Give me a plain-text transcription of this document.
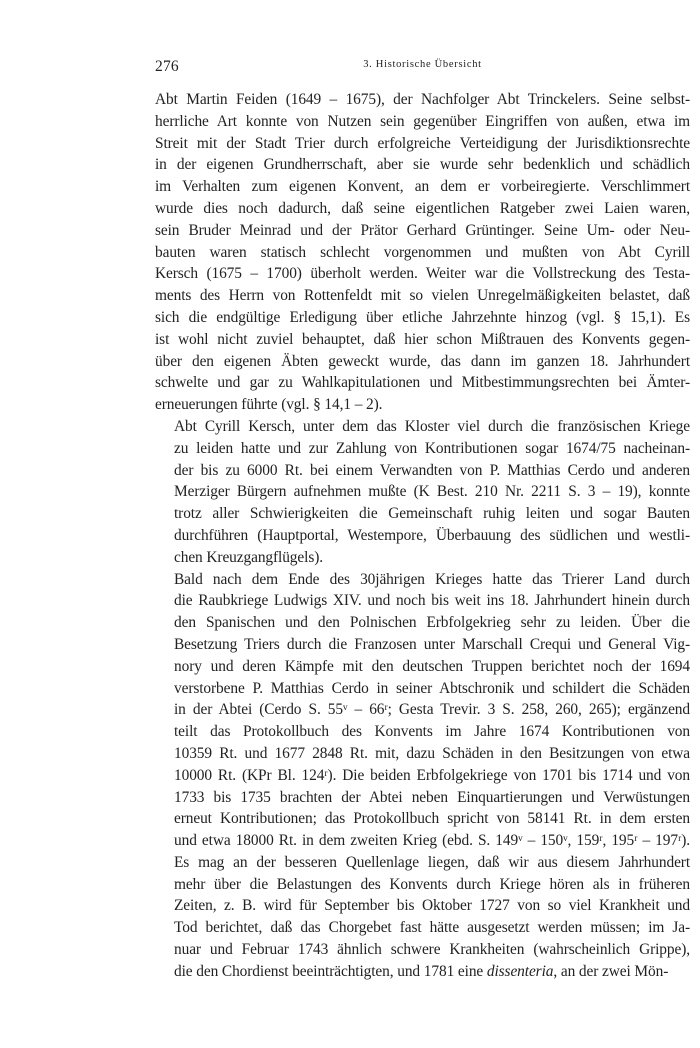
276	3. Historische Übersicht

Abt Martin Feiden (1649 – 1675), der Nachfolger Abt Trinckelers. Seine selbst-
herrliche Art konnte von Nutzen sein gegenüber Eingriffen von außen, etwa im
Streit mit der Stadt Trier durch erfolgreiche Verteidigung der Jurisdiktionsrechte
in der eigenen Grundherrschaft, aber sie wurde sehr bedenklich und schädlich
im Verhalten zum eigenen Konvent, an dem er vorbeiregierte. Verschlimmert
wurde dies noch dadurch, daß seine eigentlichen Ratgeber zwei Laien waren,
sein Bruder Meinrad und der Prätor Gerhard Grüntinger. Seine Um- oder Neu-
bauten waren statisch schlecht vorgenommen und mußten von Abt Cyrill
Kersch (1675 – 1700) überholt werden. Weiter war die Vollstreckung des Testa-
ments des Herrn von Rottenfeldt mit so vielen Unregelmäßigkeiten belastet, daß
sich die endgültige Erledigung über etliche Jahrzehnte hinzog (vgl. § 15,1). Es
ist wohl nicht zuviel behauptet, daß hier schon Mißtrauen des Konvents gegen-
über den eigenen Äbten geweckt wurde, das dann im ganzen 18. Jahrhundert
schwelte und gar zu Wahlkapitulationen und Mitbestimmungsrechten bei Ämter-
erneuerungen führte (vgl. § 14,1 – 2).

Abt Cyrill Kersch, unter dem das Kloster viel durch die französischen Kriege
zu leiden hatte und zur Zahlung von Kontributionen sogar 1674/75 nacheinan-
der bis zu 6000 Rt. bei einem Verwandten von P. Matthias Cerdo und anderen
Merziger Bürgern aufnehmen mußte (K Best. 210 Nr. 2211 S. 3 – 19), konnte
trotz aller Schwierigkeiten die Gemeinschaft ruhig leiten und sogar Bauten
durchführen (Hauptportal, Westempore, Überbauung des südlichen und westli-
chen Kreuzgangflügels).

Bald nach dem Ende des 30jährigen Krieges hatte das Trierer Land durch
die Raubkriege Ludwigs XIV. und noch bis weit ins 18. Jahrhundert hinein durch
den Spanischen und den Polnischen Erbfolgekrieg sehr zu leiden. Über die
Besetzung Triers durch die Franzosen unter Marschall Crequi und General Vig-
nory und deren Kämpfe mit den deutschen Truppen berichtet noch der 1694
verstorbene P. Matthias Cerdo in seiner Abtschronik und schildert die Schäden
in der Abtei (Cerdo S. 55ᵛ – 66ʳ; Gesta Trevir. 3 S. 258, 260, 265); ergänzend
teilt das Protokollbuch des Konvents im Jahre 1674 Kontributionen von
10359 Rt. und 1677 2848 Rt. mit, dazu Schäden in den Besitzungen von etwa
10000 Rt. (KPr Bl. 124ʳ). Die beiden Erbfolgekriege von 1701 bis 1714 und von
1733 bis 1735 brachten der Abtei neben Einquartierungen und Verwüstungen
erneut Kontributionen; das Protokollbuch spricht von 58141 Rt. in dem ersten
und etwa 18000 Rt. in dem zweiten Krieg (ebd. S. 149ᵛ – 150ᵛ, 159ʳ, 195ʳ – 197ʳ).
Es mag an der besseren Quellenlage liegen, daß wir aus diesem Jahrhundert
mehr über die Belastungen des Konvents durch Kriege hören als in früheren
Zeiten, z. B. wird für September bis Oktober 1727 von so viel Krankheit und
Tod berichtet, daß das Chorgebet fast hätte ausgesetzt werden müssen; im Ja-
nuar und Februar 1743 ähnlich schwere Krankheiten (wahrscheinlich Grippe),
die den Chordienst beeinträchtigten, und 1781 eine dissenteria, an der zwei Mön-
